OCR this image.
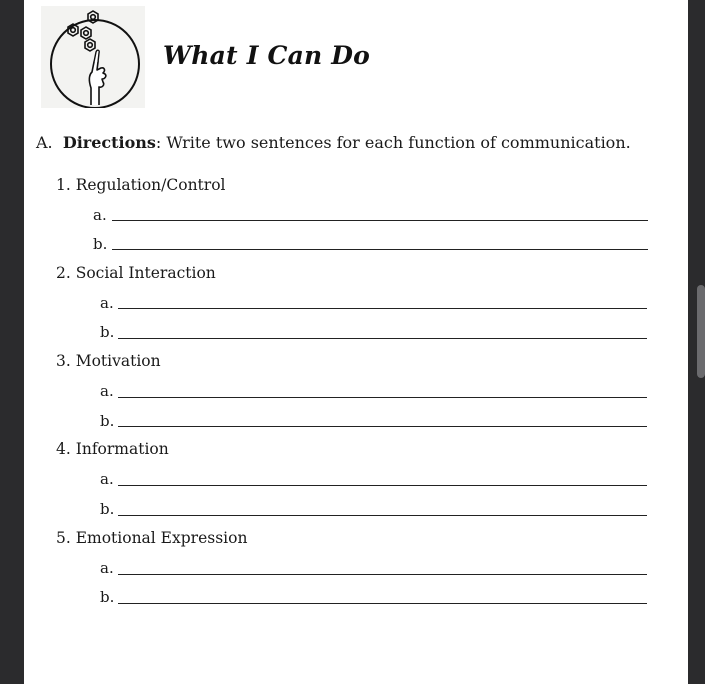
What I Can Do
A. Directions: Write two sentences for each function of communication.
1. Regulation/Control
a.
b.
2. Social Interaction
a.
b.
3. Motivation
a.
b.
4. Information
a.
b.
5. Emotional Expression
a.
b.
